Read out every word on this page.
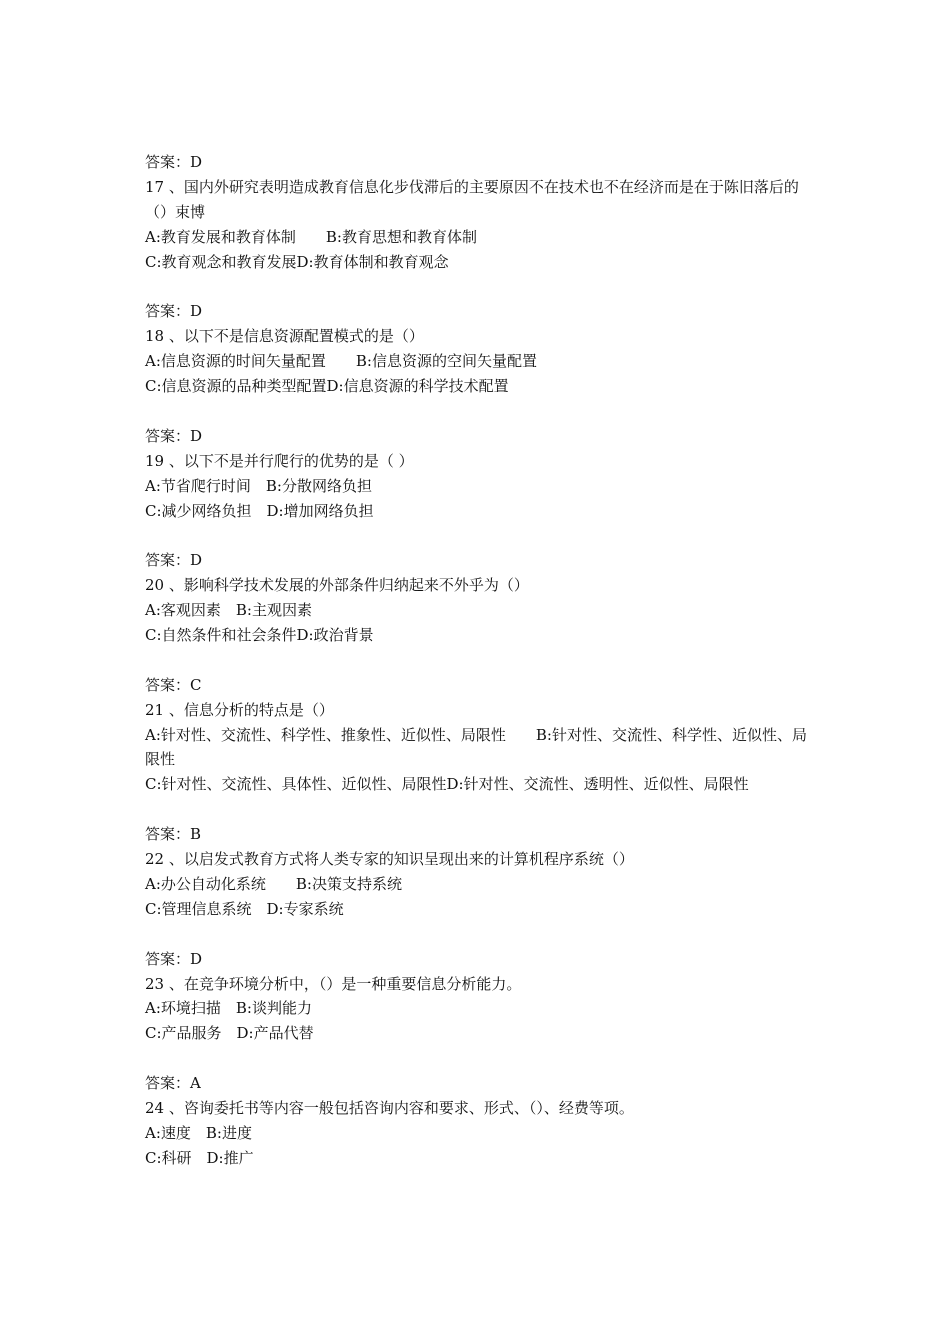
答案：D
17 、国内外研究表明造成教育信息化步伐滞后的主要原因不在技术也不在经济而是在于陈旧落后的（）束博
A:教育发展和教育体制　　B:教育思想和教育体制
C:教育观念和教育发展D:教育体制和教育观念
答案：D
18 、以下不是信息资源配置模式的是（）
A:信息资源的时间矢量配置　　B:信息资源的空间矢量配置
C:信息资源的品种类型配置D:信息资源的科学技术配置
答案：D
19 、以下不是并行爬行的优势的是（ ）
A:节省爬行时间　B:分散网络负担
C:减少网络负担　D:增加网络负担
答案：D
20 、影响科学技术发展的外部条件归纳起来不外乎为（）
A:客观因素　B:主观因素
C:自然条件和社会条件D:政治背景
答案：C
21 、信息分析的特点是（）
A:针对性、交流性、科学性、推象性、近似性、局限性　　B:针对性、交流性、科学性、近似性、局限性
C:针对性、交流性、具体性、近似性、局限性D:针对性、交流性、透明性、近似性、局限性
答案：B
22 、以启发式教育方式将人类专家的知识呈现出来的计算机程序系统（）
A:办公自动化系统　　B:决策支持系统
C:管理信息系统　D:专家系统
答案：D
23 、在竞争环境分析中，（）是一种重要信息分析能力。
A:环境扫描　B:谈判能力
C:产品服务　D:产品代替
答案：A
24 、咨询委托书等内容一般包括咨询内容和要求、形式、（）、经费等项。
A:速度　B:进度
C:科研　D:推广
